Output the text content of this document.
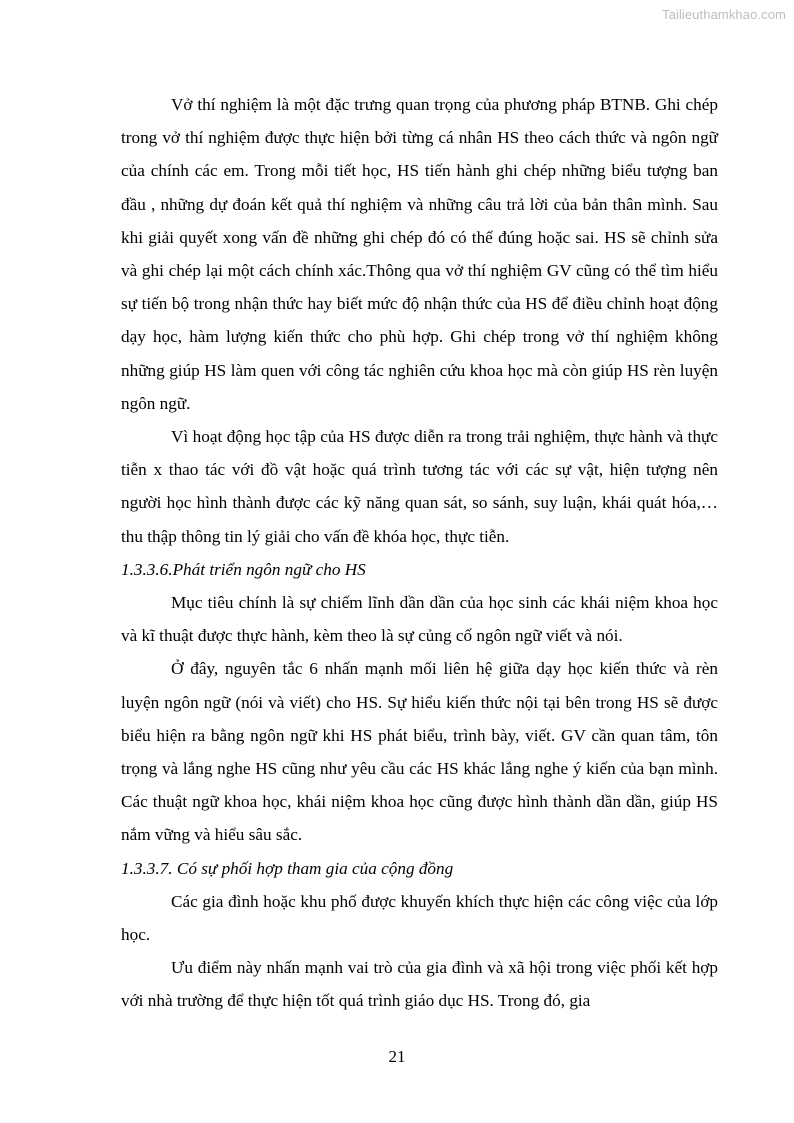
Tailieuthamkhao.com

Vở thí nghiệm là một đặc trưng quan trọng của phương pháp BTNB. Ghi chép trong vở thí nghiệm được thực hiện bởi từng cá nhân HS theo cách thức và ngôn ngữ của chính các em. Trong mỗi tiết học, HS tiến hành ghi chép những biểu tượng ban đầu , những dự đoán kết quả thí nghiệm và những câu trả lời của bản thân mình. Sau khi giải quyết xong vấn đề những ghi chép đó có thể đúng hoặc sai. HS sẽ chỉnh sửa và ghi chép lại một cách chính xác.Thông qua vở thí nghiệm GV cũng có thể tìm hiểu sự tiến bộ trong nhận thức hay biết mức độ nhận thức của HS để điều chỉnh hoạt động dạy học, hàm lượng kiến thức cho phù hợp. Ghi chép trong vở thí nghiệm không những giúp HS làm quen với công tác nghiên cứu khoa học mà còn giúp HS rèn luyện ngôn ngữ.

Vì hoạt động học tập của HS được diễn ra trong trải nghiệm, thực hành và thực tiễn x thao tác với đồ vật hoặc quá trình tương tác với các sự vật, hiện tượng nên người học hình thành được các kỹ năng quan sát, so sánh, suy luận, khái quát hóa,… thu thập thông tin lý giải cho vấn đề khóa học, thực tiễn.

1.3.3.6.Phát triển ngôn ngữ cho HS

Mục tiêu chính là sự chiếm lĩnh dần dần của học sinh các khái niệm khoa học và kĩ thuật được thực hành, kèm theo là sự củng cố ngôn ngữ viết và nói.

Ở đây, nguyên tắc 6 nhấn mạnh mối liên hệ giữa dạy học kiến thức và rèn luyện ngôn ngữ (nói và viết) cho HS. Sự hiểu kiến thức nội tại bên trong HS sẽ được biểu hiện ra bằng ngôn ngữ khi HS phát biểu, trình bày, viết. GV cần quan tâm, tôn trọng và lắng nghe HS cũng như yêu cầu các HS khác lắng nghe ý kiến của bạn mình. Các thuật ngữ khoa học, khái niệm khoa học cũng được hình thành dần dần, giúp HS nắm vững và hiểu sâu sắc.

1.3.3.7. Có sự phối hợp tham gia của cộng đồng

Các gia đình hoặc khu phố được khuyến khích thực hiện các công việc của lớp học.

Ưu điểm này nhấn mạnh vai trò của gia đình và xã hội trong việc phối kết hợp với nhà trường để thực hiện tốt quá trình giáo dục HS. Trong đó, gia

21
